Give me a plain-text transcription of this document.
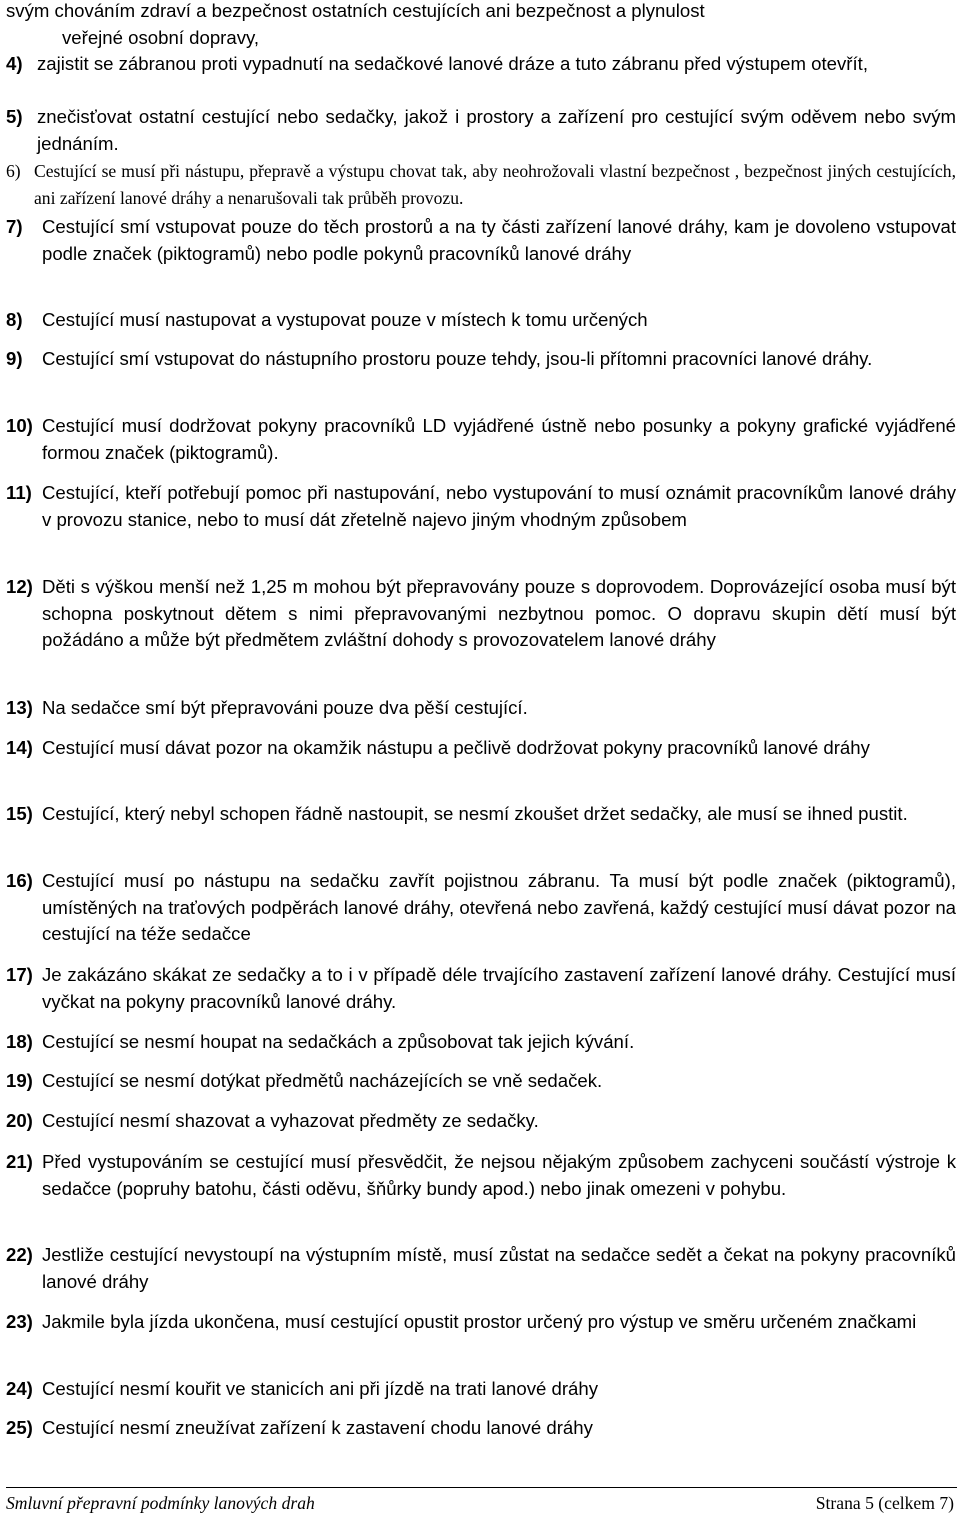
svým chováním zdraví a bezpečnost ostatních cestujících ani bezpečnost a plynulost
veřejné osobní dopravy,

4) zajistit se zábranou proti vypadnutí na sedačkové lanové dráze a tuto zábranu před výstupem otevřít,
5) znečisťovat ostatní cestující nebo sedačky, jakož i prostory a zařízení pro cestující svým oděvem nebo svým jednáním.
6) Cestující se musí při nástupu, přepravě a výstupu chovat tak, aby neohrožovali vlastní bezpečnost , bezpečnost jiných cestujících, ani zařízení lanové dráhy a nenarušovali tak průběh provozu.
7)	Cestující smí vstupovat pouze do těch prostorů a na ty části zařízení lanové dráhy, kam je dovoleno vstupovat podle značek (piktogramů) nebo podle pokynů pracovníků lanové dráhy
8)	Cestující musí nastupovat a vystupovat pouze v místech k tomu určených
9)	Cestující smí vstupovat do nástupního prostoru pouze tehdy, jsou-li přítomni pracovníci lanové dráhy.
10) Cestující musí dodržovat pokyny pracovníků LD vyjádřené ústně nebo posunky a pokyny grafické vyjádřené formou značek (piktogramů).
11) Cestující, kteří potřebují pomoc při nastupování, nebo vystupování to musí oznámit pracovníkům lanové dráhy v provozu stanice, nebo to musí dát zřetelně najevo jiným vhodným způsobem
12) Děti s výškou menší než 1,25 m mohou být přepravovány pouze s doprovodem. Doprovázející osoba musí být schopna poskytnout dětem s nimi přepravovanými nezbytnou pomoc. O dopravu skupin dětí musí být požádáno a může být předmětem zvláštní dohody s provozovatelem lanové dráhy
13) Na sedačce smí být přepravováni pouze dva pěší cestující.
14) Cestující musí dávat pozor na okamžik nástupu a pečlivě dodržovat pokyny pracovníků lanové dráhy
15) Cestující, který nebyl schopen řádně nastoupit, se nesmí zkoušet držet sedačky, ale musí se ihned pustit.
16) Cestující musí po nástupu na sedačku zavřít pojistnou zábranu. Ta musí být podle značek (piktogramů), umístěných na traťových podpěrách lanové dráhy, otevřená nebo zavřená, každý cestující musí dávat pozor na cestující na téže sedačce
17) Je zakázáno skákat ze sedačky a to i v případě déle trvajícího zastavení zařízení lanové dráhy. Cestující musí vyčkat na pokyny pracovníků lanové dráhy.
18) Cestující se nesmí houpat na sedačkách a způsobovat tak jejich kývání.
19) Cestující se nesmí dotýkat předmětů nacházejících se vně sedaček.
20) Cestující nesmí shazovat a vyhazovat předměty ze sedačky.
21) Před vystupováním se cestující musí přesvědčit, že nejsou nějakým způsobem zachyceni součástí výstroje k sedačce (popruhy batohu, části oděvu, šňůrky bundy apod.) nebo jinak omezeni v pohybu.
22) Jestliže cestující nevystoupí na výstupním místě, musí zůstat na sedačce sedět a čekat na pokyny pracovníků lanové dráhy
23) Jakmile byla jízda ukončena, musí cestující opustit prostor určený pro výstup ve směru určeném značkami
24) Cestující nesmí kouřit ve stanicích ani při jízdě na trati lanové dráhy
25) Cestující nesmí zneužívat zařízení k zastavení chodu lanové dráhy
Smluvní přepravní podmínky lanových drah	Strana 5 (celkem 7)
